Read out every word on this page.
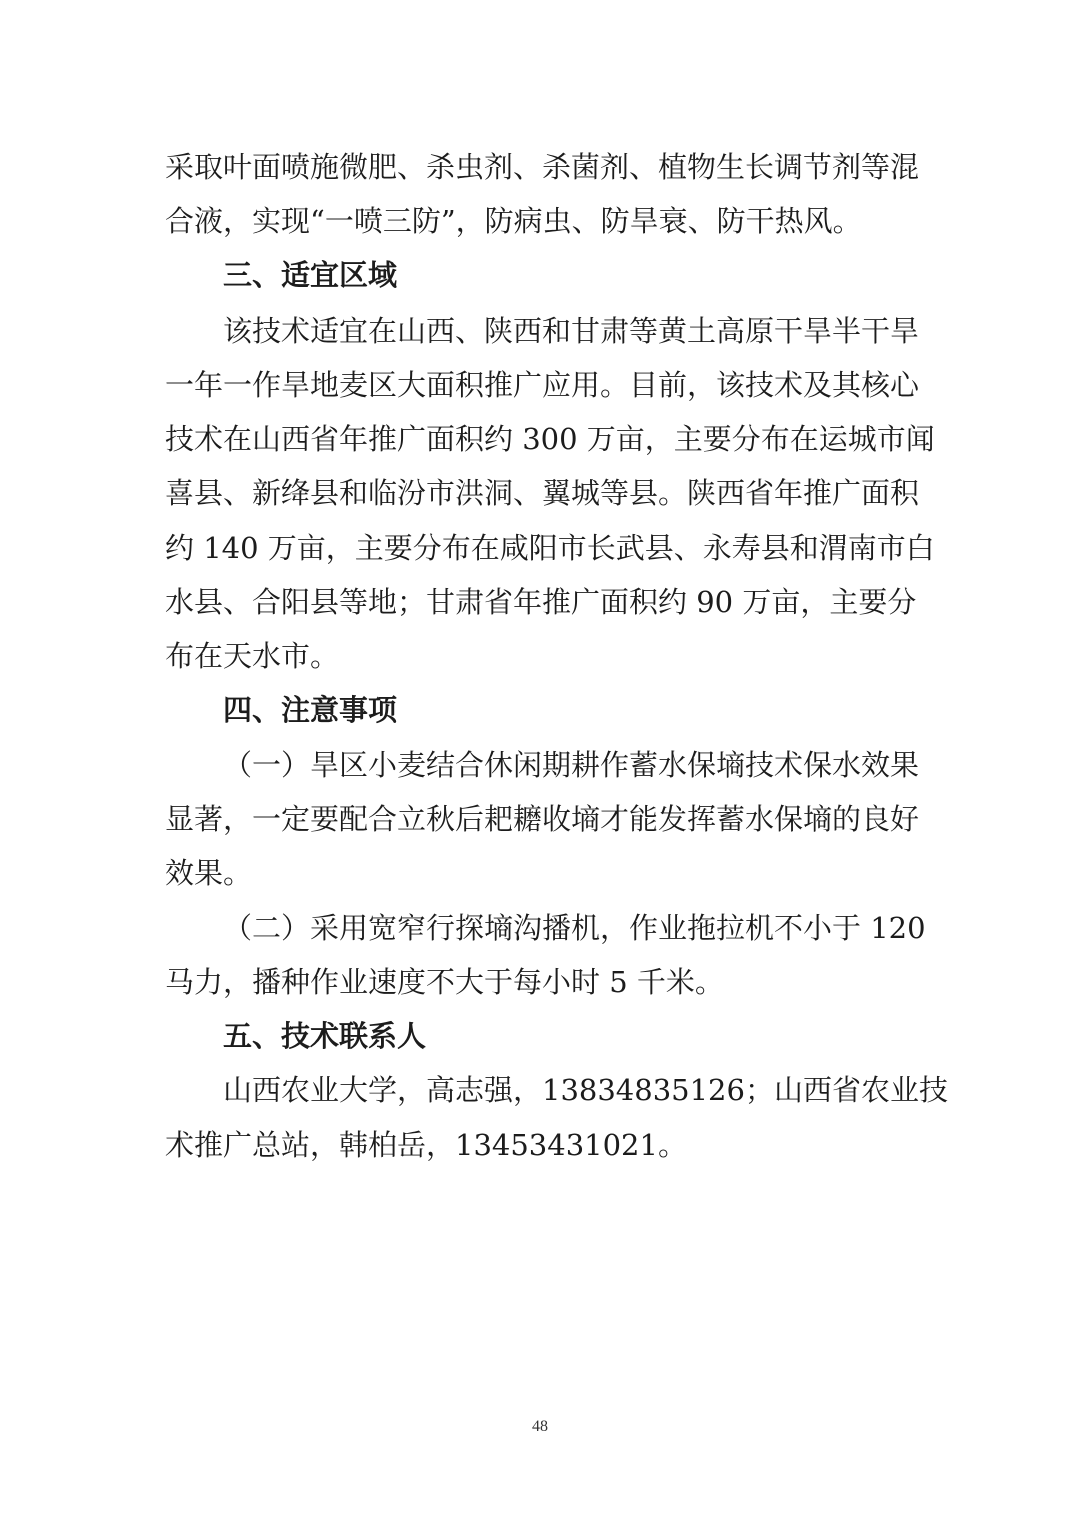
采取叶面喷施微肥、杀虫剂、杀菌剂、植物生长调节剂等混
合液，实现“一喷三防”，防病虫、防旱衰、防干热风。
三、适宜区域
该技术适宜在山西、陕西和甘肃等黄土高原干旱半干旱
一年一作旱地麦区大面积推广应用。目前，该技术及其核心
技术在山西省年推广面积约 300 万亩，主要分布在运城市闻
喜县、新绛县和临汾市洪洞、翼城等县。陕西省年推广面积
约 140 万亩，主要分布在咸阳市长武县、永寿县和渭南市白
水县、合阳县等地；甘肃省年推广面积约 90 万亩，主要分
布在天水市。
四、注意事项
（一）旱区小麦结合休闲期耕作蓄水保墒技术保水效果
显著，一定要配合立秋后耙耱收墒才能发挥蓄水保墒的良好
效果。
（二）采用宽窄行探墒沟播机，作业拖拉机不小于 120
马力，播种作业速度不大于每小时 5 千米。
五、技术联系人
山西农业大学，高志强，13834835126；山西省农业技
术推广总站，韩柏岳，13453431021。
48
